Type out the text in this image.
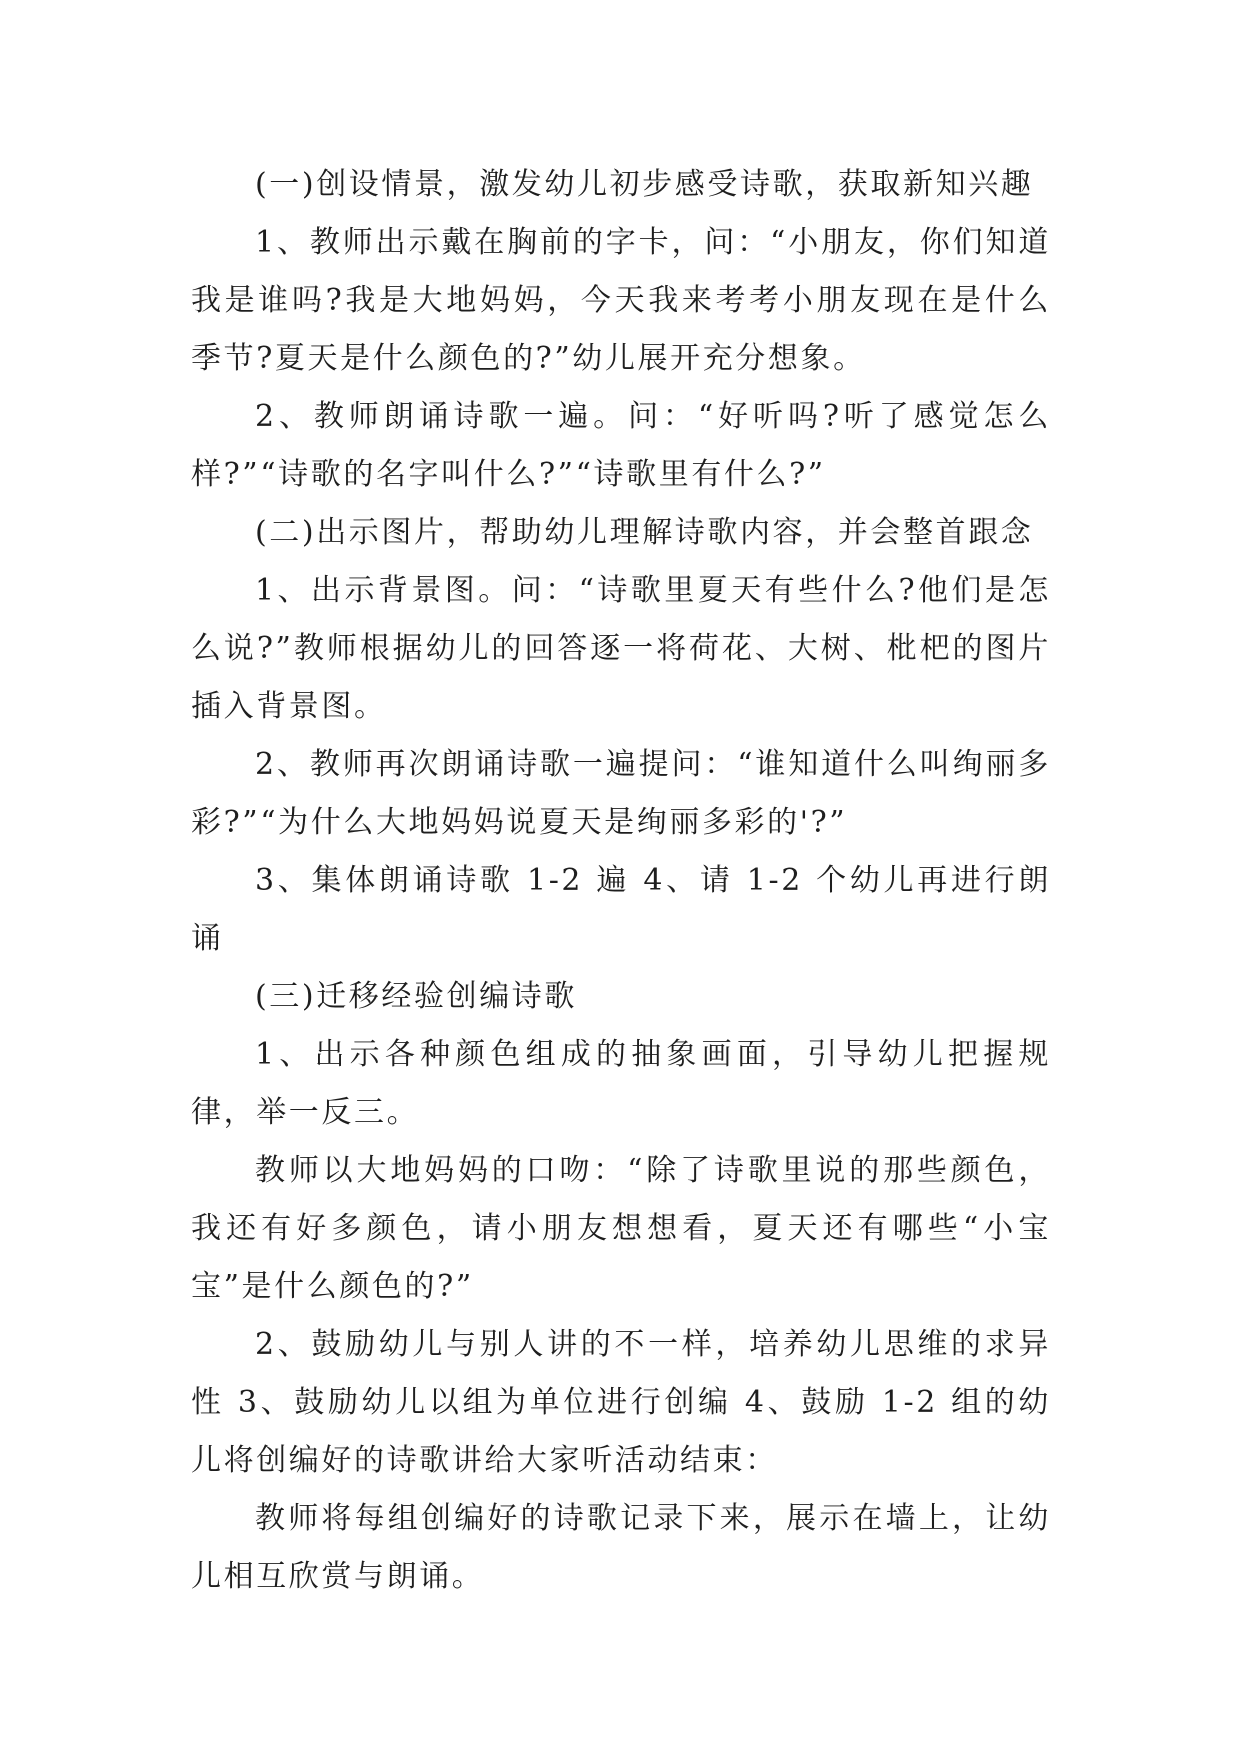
(一)创设情景，激发幼儿初步感受诗歌，获取新知兴趣

1、教师出示戴在胸前的字卡，问：“小朋友，你们知道我是谁吗?我是大地妈妈，今天我来考考小朋友现在是什么季节?夏天是什么颜色的?”幼儿展开充分想象。

2、教师朗诵诗歌一遍。问：“好听吗?听了感觉怎么样?”“诗歌的名字叫什么?”“诗歌里有什么?”

(二)出示图片，帮助幼儿理解诗歌内容，并会整首跟念

1、出示背景图。问：“诗歌里夏天有些什么?他们是怎么说?”教师根据幼儿的回答逐一将荷花、大树、枇杷的图片插入背景图。

2、教师再次朗诵诗歌一遍提问：“谁知道什么叫绚丽多彩?”“为什么大地妈妈说夏天是绚丽多彩的'?”

3、集体朗诵诗歌 1-2 遍 4、请 1-2 个幼儿再进行朗诵

(三)迁移经验创编诗歌

1、出示各种颜色组成的抽象画面，引导幼儿把握规律，举一反三。

教师以大地妈妈的口吻：“除了诗歌里说的那些颜色，我还有好多颜色，请小朋友想想看，夏天还有哪些“小宝宝”是什么颜色的?”

2、鼓励幼儿与别人讲的不一样，培养幼儿思维的求异性 3、鼓励幼儿以组为单位进行创编 4、鼓励 1-2 组的幼儿将创编好的诗歌讲给大家听活动结束：

教师将每组创编好的诗歌记录下来，展示在墙上，让幼儿相互欣赏与朗诵。
